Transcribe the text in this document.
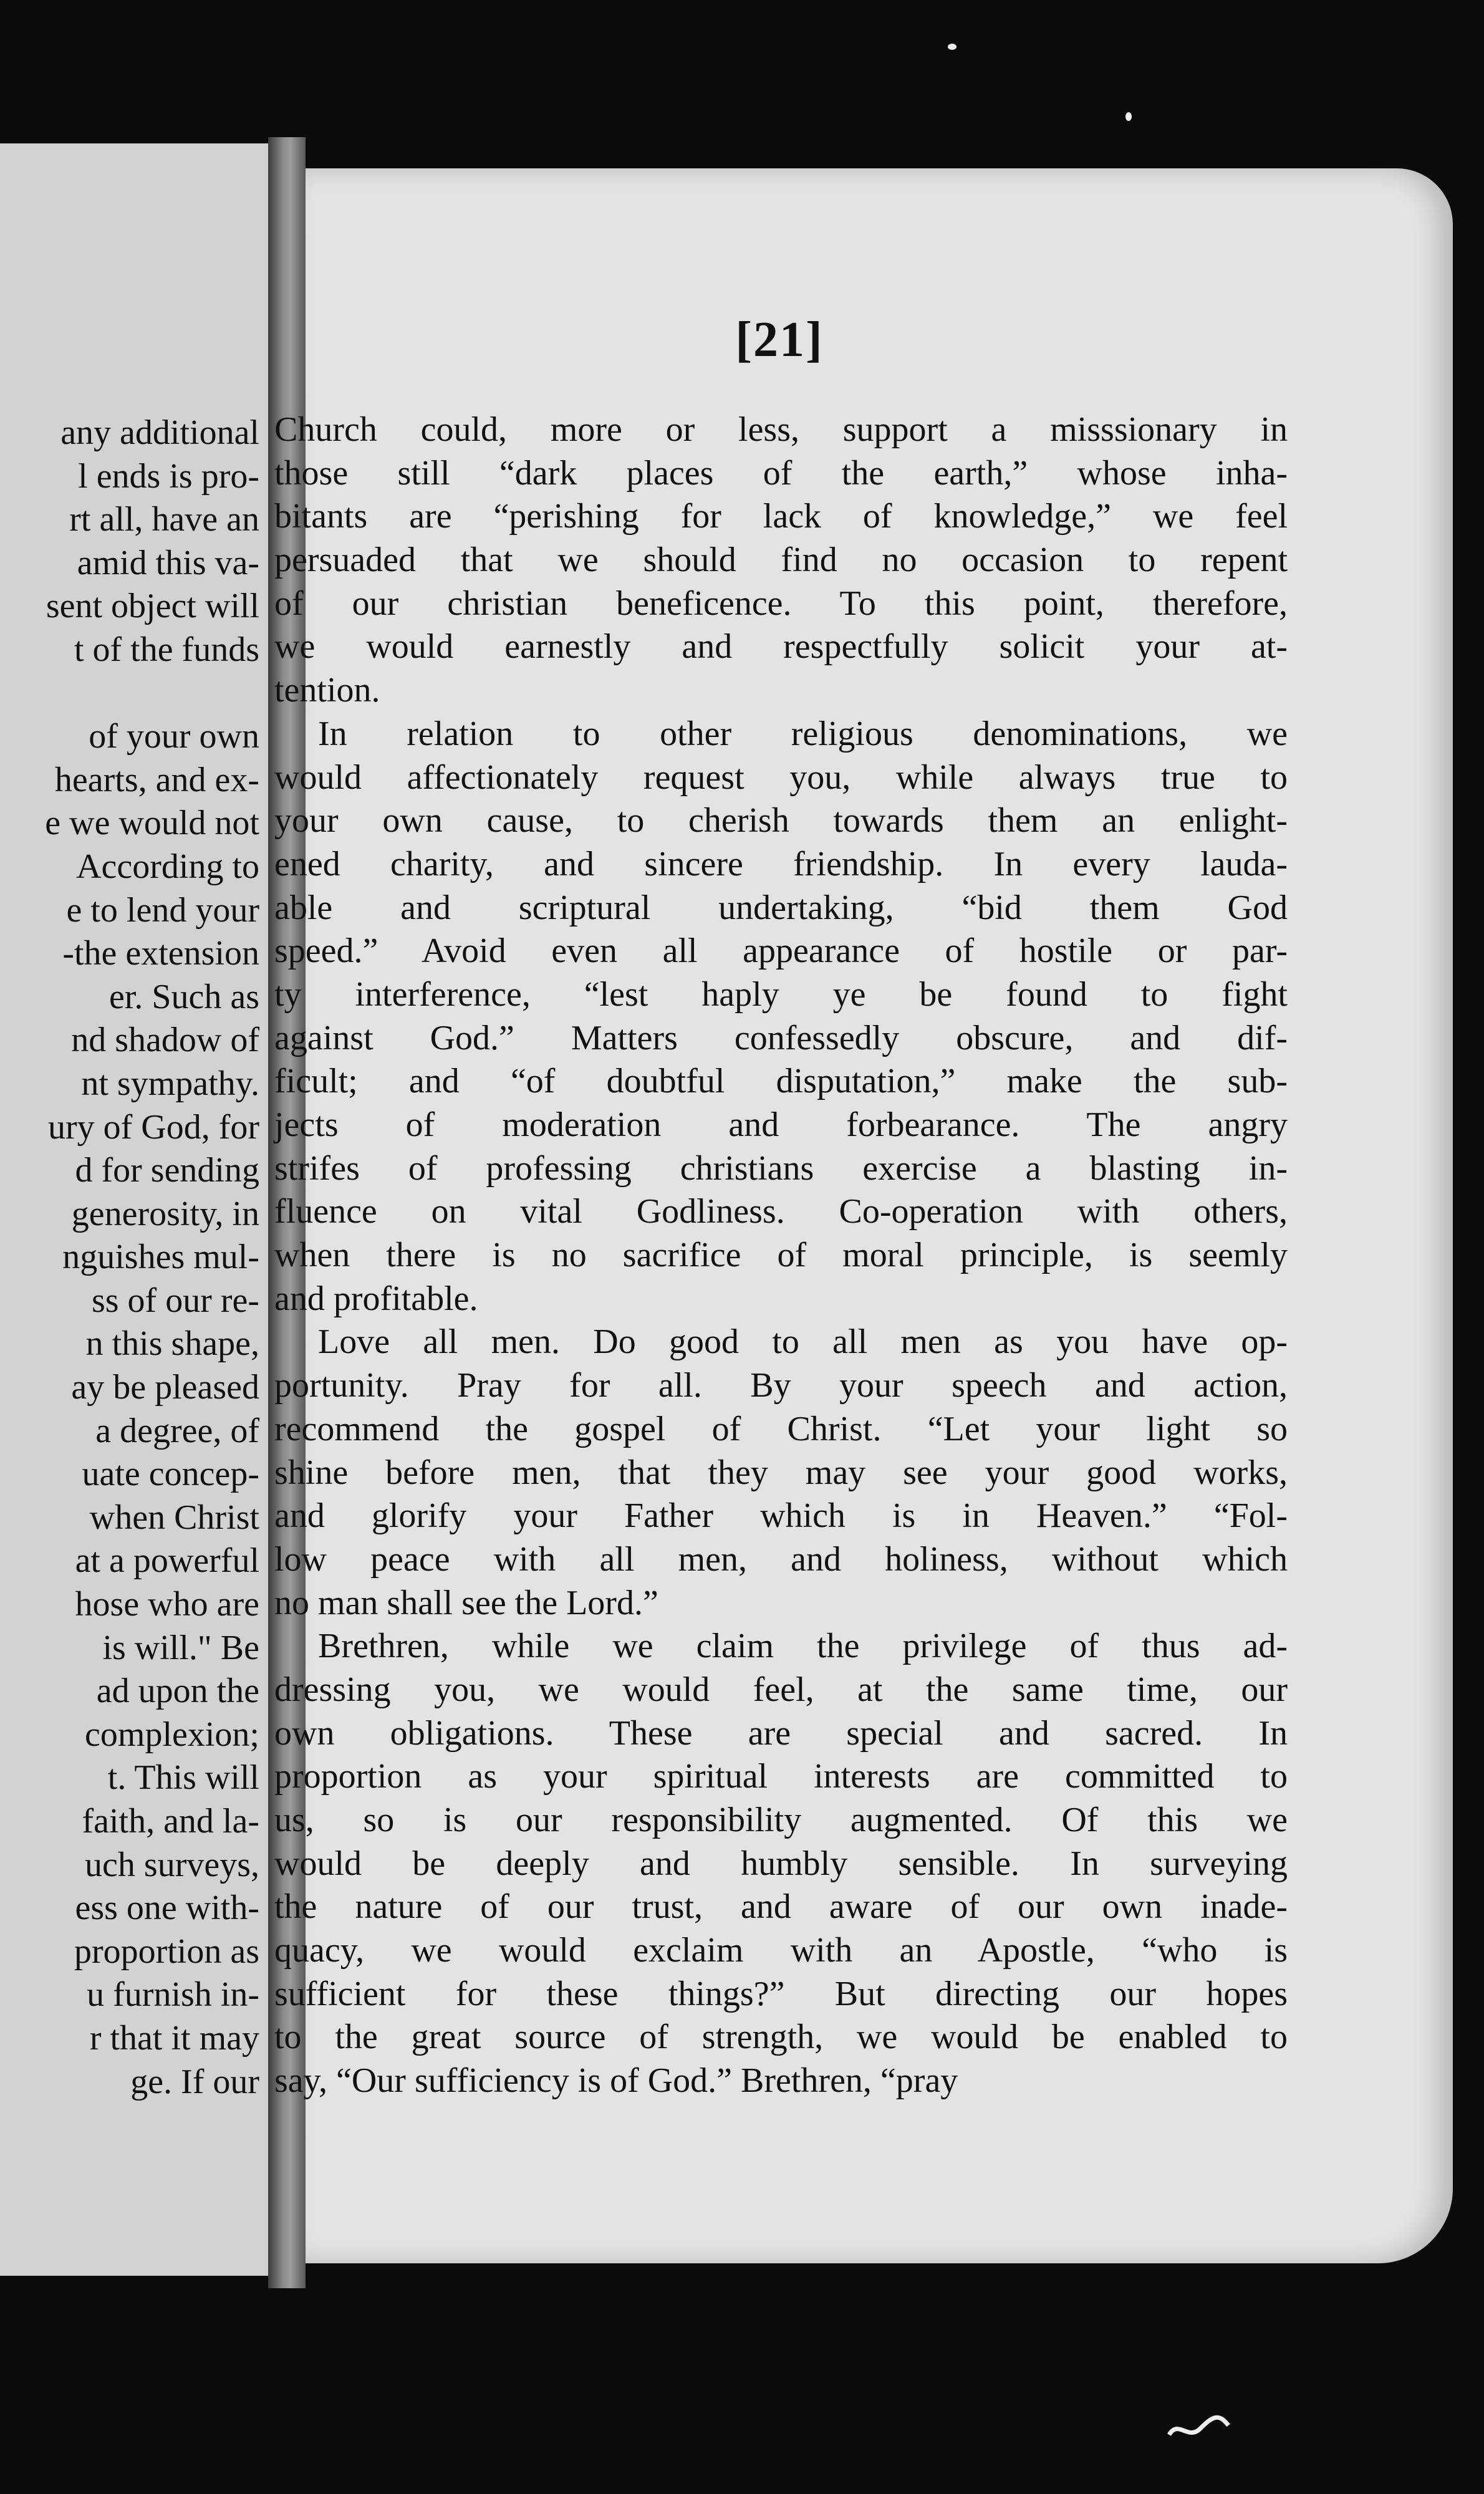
any additional
l ends is pro-
rt all, have an
amid this va-
sent object will
t of the funds
of your own
hearts, and ex-
e we would not
According to
e to lend your
-the extension
er. Such as
nd shadow of
nt sympathy.
ury of God, for
d for sending
generosity, in
nguishes mul-
ss of our re-
n this shape,
ay be pleased
a degree, of
uate concep-
when Christ
at a powerful
hose who are
is will." Be
ad upon the
complexion;
t. This will
faith, and la-
uch surveys,
ess one with-
proportion as
u furnish in-
r that it may
ge. If our
[21]
Church could, more or less, support a misssionary in
those still “dark places of the earth,” whose inha-
bitants are “perishing for lack of knowledge,” we feel
persuaded that we should find no occasion to repent
of our christian beneficence. To this point, therefore,
we would earnestly and respectfully solicit your at-
tention.
In relation to other religious denominations, we
would affectionately request you, while always true to
your own cause, to cherish towards them an enlight-
ened charity, and sincere friendship. In every lauda-
able and scriptural undertaking, “bid them God
speed.” Avoid even all appearance of hostile or par-
ty interference, “lest haply ye be found to fight
against God.” Matters confessedly obscure, and dif-
ficult; and “of doubtful disputation,” make the sub-
jects of moderation and forbearance. The angry
strifes of professing christians exercise a blasting in-
fluence on vital Godliness. Co-operation with others,
when there is no sacrifice of moral principle, is seemly
and profitable.
Love all men. Do good to all men as you have op-
portunity. Pray for all. By your speech and action,
recommend the gospel of Christ. “Let your light so
shine before men, that they may see your good works,
and glorify your Father which is in Heaven.” “Fol-
low peace with all men, and holiness, without which
no man shall see the Lord.”
Brethren, while we claim the privilege of thus ad-
dressing you, we would feel, at the same time, our
own obligations. These are special and sacred. In
proportion as your spiritual interests are committed to
us, so is our responsibility augmented. Of this we
would be deeply and humbly sensible. In surveying
the nature of our trust, and aware of our own inade-
quacy, we would exclaim with an Apostle, “who is
sufficient for these things?” But directing our hopes
to the great source of strength, we would be enabled to
say, “Our sufficiency is of God.” Brethren, “pray
